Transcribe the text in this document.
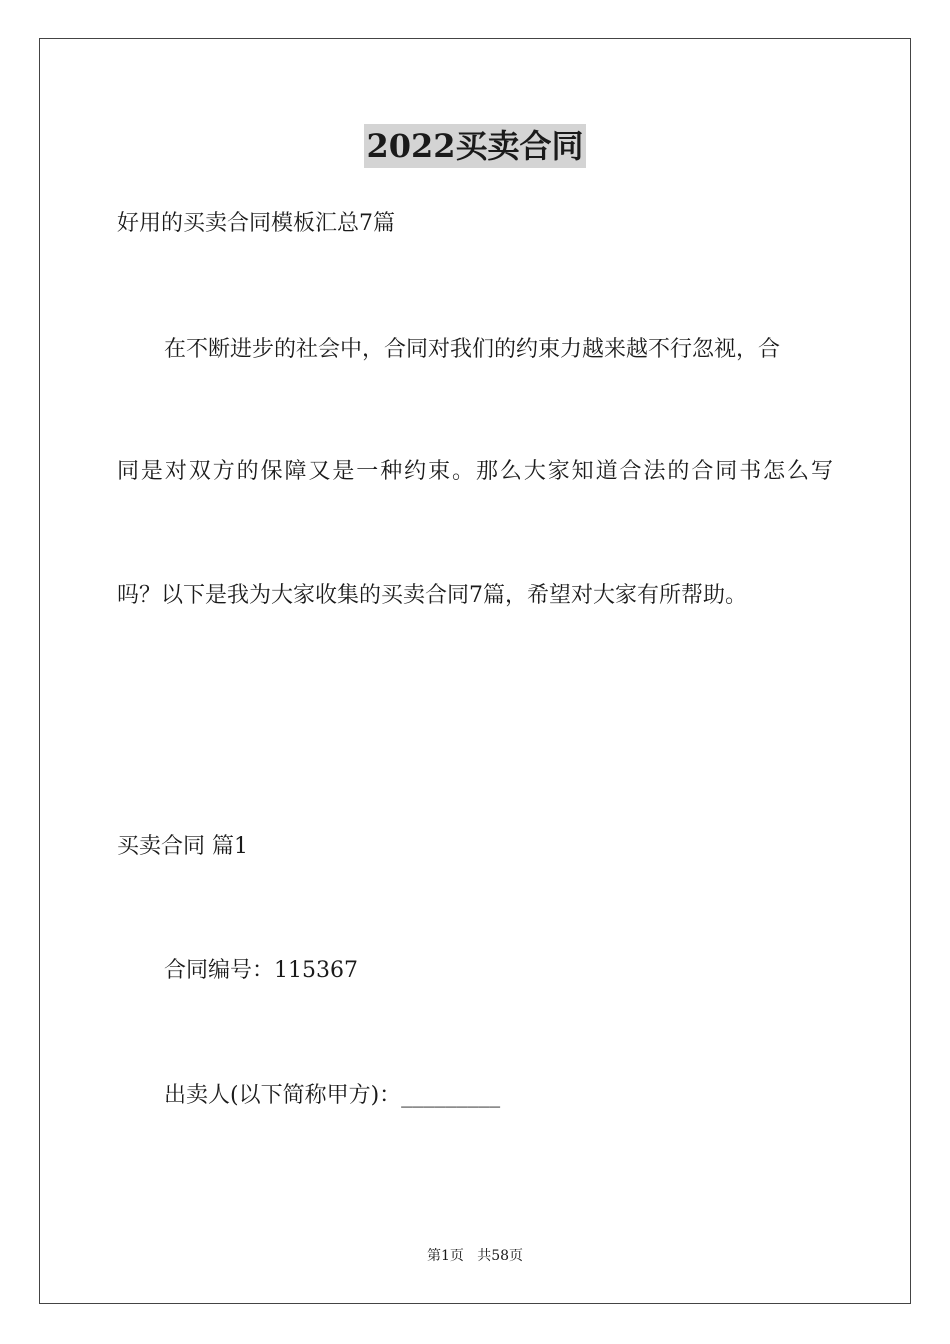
2022买卖合同
好用的买卖合同模板汇总7篇
在不断进步的社会中，合同对我们的约束力越来越不行忽视，合
同是对双方的保障又是一种约束。那么大家知道合法的合同书怎么写
吗？以下是我为大家收集的买卖合同7篇，希望对大家有所帮助。
买卖合同 篇1
合同编号：115367
出卖人(以下简称甲方)：_________
第1页   共58页
